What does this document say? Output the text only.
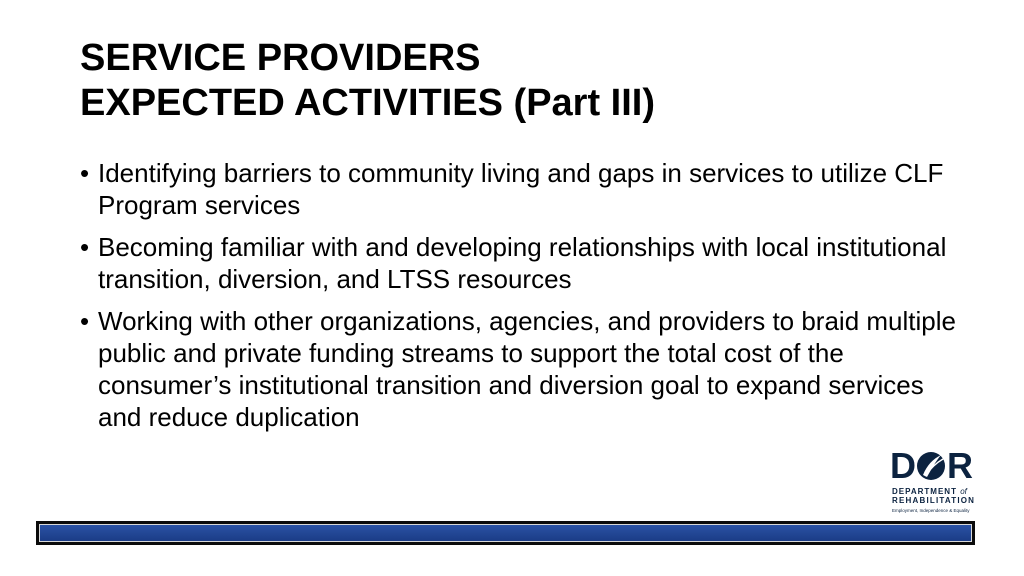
SERVICE PROVIDERS
EXPECTED ACTIVITIES (Part III)
• Identifying barriers to community living and gaps in services to utilize CLF Program services
• Becoming familiar with and developing relationships with local institutional transition, diversion, and LTSS resources
• Working with other organizations, agencies, and providers to braid multiple public and private funding streams to support the total cost of the consumer’s institutional transition and diversion goal to expand services and reduce duplication
D R
DEPARTMENT of
REHABILITATION
Employment, Independence & Equality
